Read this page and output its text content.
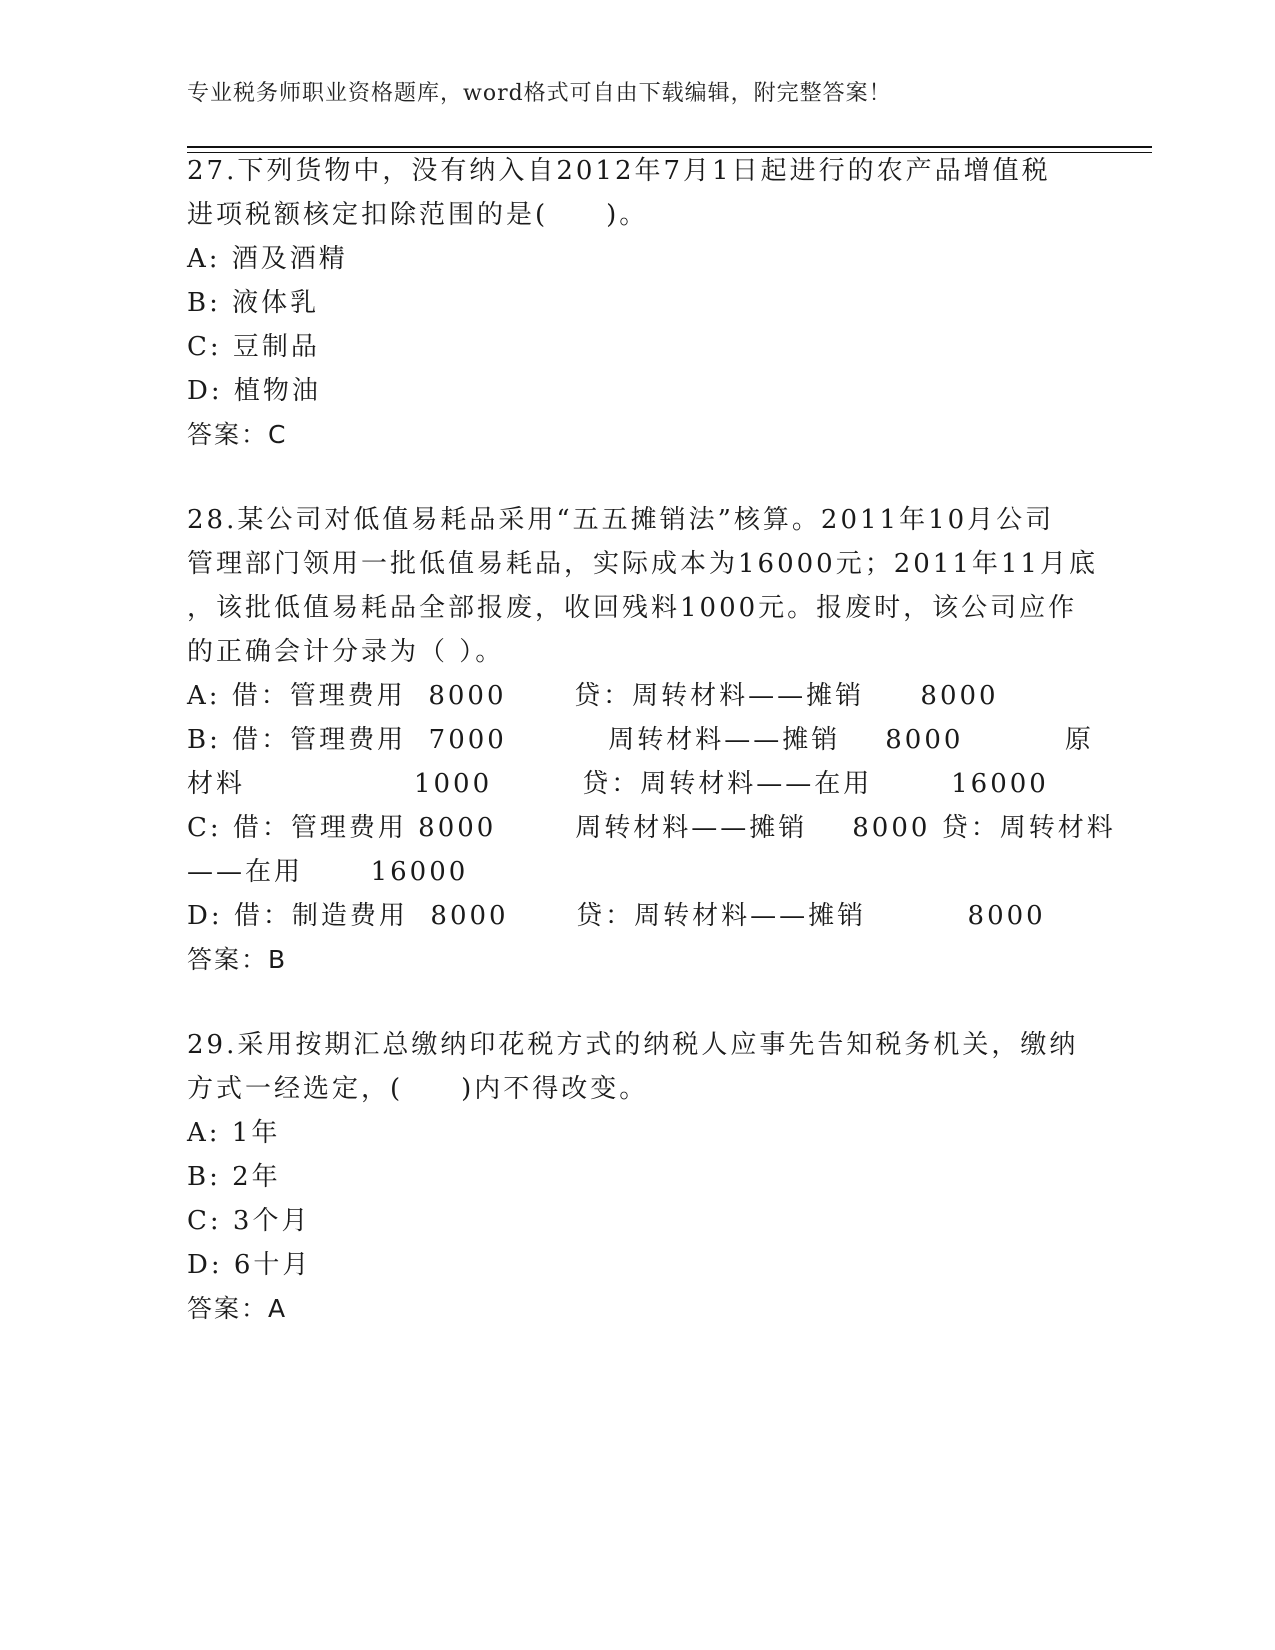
专业税务师职业资格题库，word格式可自由下载编辑，附完整答案！
27.下列货物中，没有纳入自2012年7月1日起进行的农产品增值税
进项税额核定扣除范围的是(　　)。
A: 酒及酒精
B: 液体乳
C: 豆制品
D: 植物油
答案：C
28.某公司对低值易耗品采用“五五摊销法”核算。2011年10月公司
管理部门领用一批低值易耗品，实际成本为16000元；2011年11月底
，该批低值易耗品全部报废，收回残料1000元。报废时，该公司应作
的正确会计分录为（ ）。
A: 借：管理费用  8000      贷：周转材料——摊销     8000
B: 借：管理费用  7000         周转材料——摊销    8000         原
材料               1000        贷：周转材料——在用       16000
C: 借：管理费用 8000       周转材料——摊销    8000 贷：周转材料
——在用      16000
D: 借：制造费用  8000      贷：周转材料——摊销         8000
答案：B
29.采用按期汇总缴纳印花税方式的纳税人应事先告知税务机关，缴纳
方式一经选定，(　　)内不得改变。
A: 1年
B: 2年
C: 3个月
D: 6十月
答案：A
